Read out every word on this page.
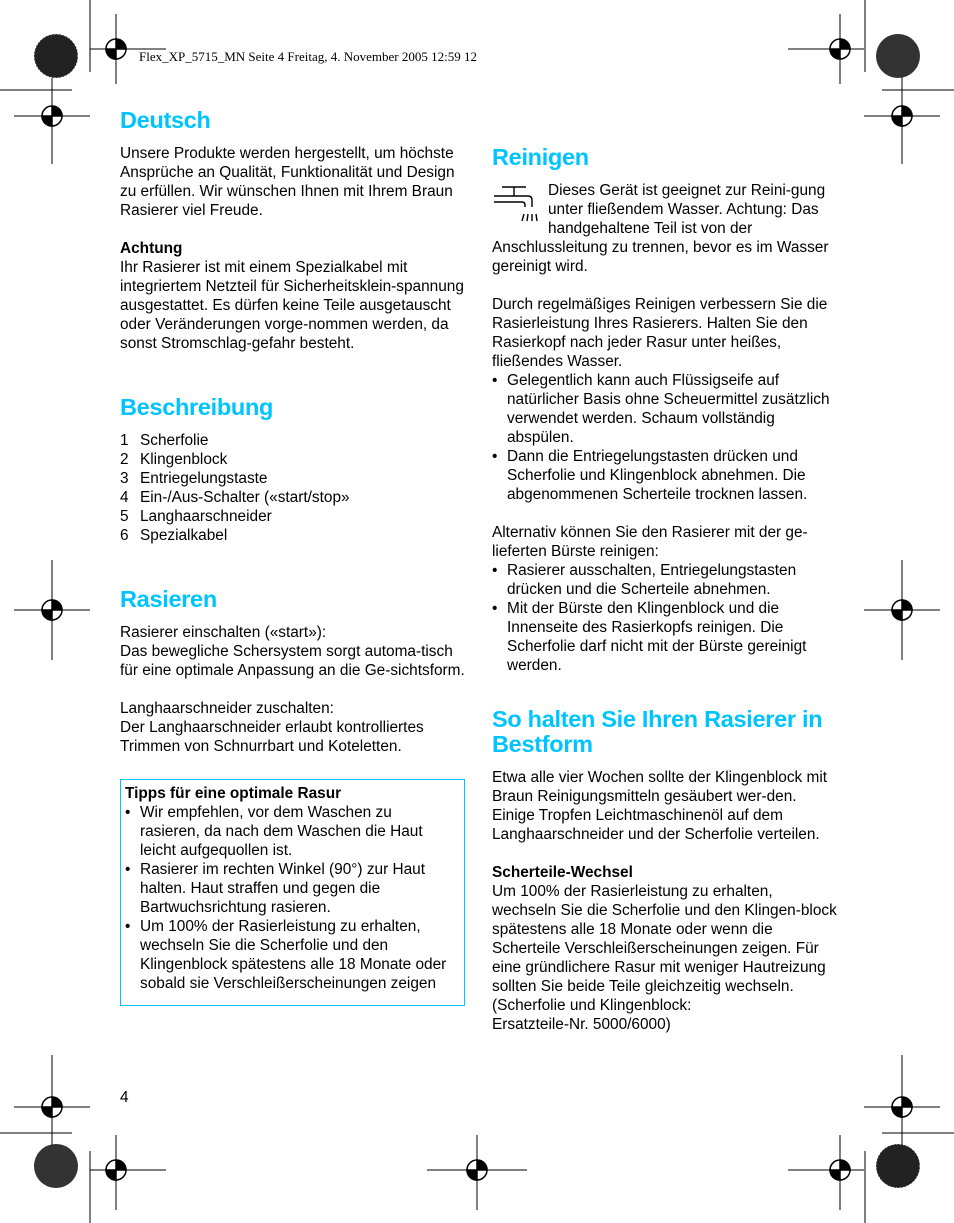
Flex_XP_5715_MN Seite 4 Freitag, 4. November 2005 12:59 12
Deutsch

Unsere Produkte werden hergestellt, um höchste Ansprüche an Qualität, Funktionalität und Design zu erfüllen. Wir wünschen Ihnen mit Ihrem Braun Rasierer viel Freude.

Achtung

Ihr Rasierer ist mit einem Spezialkabel mit integriertem Netzteil für Sicherheitsklein-spannung ausgestattet. Es dürfen keine Teile ausgetauscht oder Veränderungen vorge-nommen werden, da sonst Stromschlag-gefahr besteht.

Beschreibung
1 Scherfolie
2 Klingenblock
3 Entriegelungstaste
4 Ein-/Aus-Schalter («start/stop»
5 Langhaarschneider
6 Spezialkabel
Rasieren

Rasierer einschalten («start»):

Das bewegliche Schersystem sorgt automa-tisch für eine optimale Anpassung an die Ge-sichtsform.

Langhaarschneider zuschalten:

Der Langhaarschneider erlaubt kontrolliertes Trimmen von Schnurrbart und Koteletten.

Tipps für eine optimale Rasur

• Wir empfehlen, vor dem Waschen zu rasieren, da nach dem Waschen die Haut leicht aufgequollen ist.
• Rasierer im rechten Winkel (90°) zur Haut halten. Haut straffen und gegen die Bartwuchsrichtung rasieren.
• Um 100% der Rasierleistung zu erhalten, wechseln Sie die Scherfolie und den Klingenblock spätestens alle 18 Monate oder sobald sie Verschleißerscheinungen zeigen
4
Reinigen

Dieses Gerät ist geeignet zur Reini-gung unter fließendem Wasser. Achtung: Das handgehaltene Teil ist von der Anschlussleitung zu trennen, bevor es im Wasser gereinigt wird.

Durch regelmäßiges Reinigen verbessern Sie die Rasierleistung Ihres Rasierers. Halten Sie den Rasierkopf nach jeder Rasur unter heißes, fließendes Wasser.

• Gelegentlich kann auch Flüssigseife auf natürlicher Basis ohne Scheuermittel zusätzlich verwendet werden. Schaum vollständig abspülen.
• Dann die Entriegelungstasten drücken und Scherfolie und Klingenblock abnehmen. Die abgenommenen Scherteile trocknen lassen.

Alternativ können Sie den Rasierer mit der ge-lieferten Bürste reinigen:

• Rasierer ausschalten, Entriegelungstasten drücken und die Scherteile abnehmen.
• Mit der Bürste den Klingenblock und die Innenseite des Rasierkopfs reinigen. Die Scherfolie darf nicht mit der Bürste gereinigt werden.
So halten Sie Ihren Rasierer in Bestform

Etwa alle vier Wochen sollte der Klingenblock mit Braun Reinigungsmitteln gesäubert wer-den. Einige Tropfen Leichtmaschinenöl auf dem Langhaarschneider und der Scherfolie verteilen.

Scherteile-Wechsel

Um 100% der Rasierleistung zu erhalten, wechseln Sie die Scherfolie und den Klingen-block spätestens alle 18 Monate oder wenn die Scherteile Verschleißerscheinungen zeigen. Für eine gründlichere Rasur mit weniger Hautreizung sollten Sie beide Teile gleichzeitig wechseln.

(Scherfolie und Klingenblock:

Ersatzteile-Nr. 5000/6000)
